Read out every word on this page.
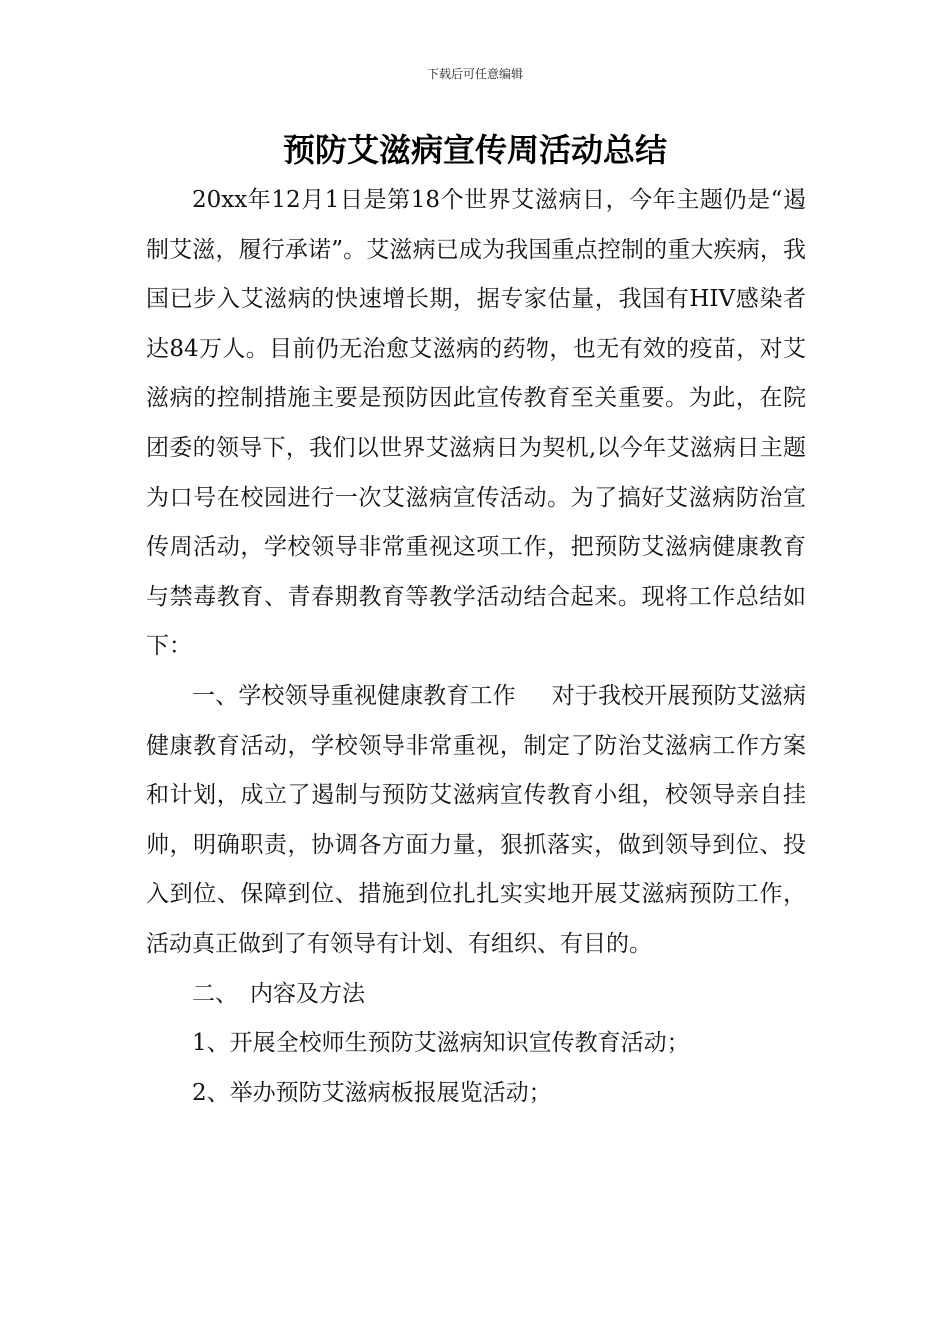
下载后可任意编辑
预防艾滋病宣传周活动总结

20xx年12月1日是第18个世界艾滋病日，今年主题仍是“遏制艾滋，履行承诺”。艾滋病已成为我国重点控制的重大疾病，我国已步入艾滋病的快速增长期，据专家估量，我国有HIV感染者达84万人。目前仍无治愈艾滋病的药物，也无有效的疫苗，对艾滋病的控制措施主要是预防因此宣传教育至关重要。为此，在院团委的领导下，我们以世界艾滋病日为契机,以今年艾滋病日主题为口号在校园进行一次艾滋病宣传活动。为了搞好艾滋病防治宣传周活动，学校领导非常重视这项工作，把预防艾滋病健康教育与禁毒教育、青春期教育等教学活动结合起来。现将工作总结如下：

一、学校领导重视健康教育工作 对于我校开展预防艾滋病健康教育活动，学校领导非常重视，制定了防治艾滋病工作方案和计划，成立了遏制与预防艾滋病宣传教育小组，校领导亲自挂帅，明确职责，协调各方面力量，狠抓落实，做到领导到位、投入到位、保障到位、措施到位扎扎实实地开展艾滋病预防工作，活动真正做到了有领导有计划、有组织、有目的。

二、 内容及方法

1、开展全校师生预防艾滋病知识宣传教育活动；

2、举办预防艾滋病板报展览活动；
